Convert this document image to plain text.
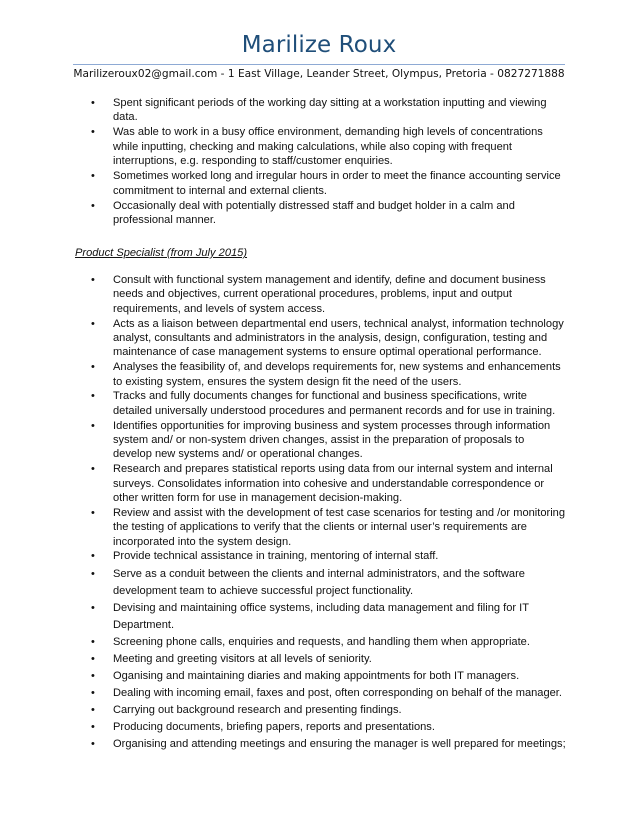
Marilize Roux
Marilizeroux02@gmail.com - 1 East Village, Leander Street, Olympus, Pretoria - 0827271888
• Spent significant periods of the working day sitting at a workstation inputting and viewing data.
• Was able to work in a busy office environment, demanding high levels of concentrations while inputting, checking and making calculations, while also coping with frequent interruptions, e.g. responding to staff/customer enquiries.
• Sometimes worked long and irregular hours in order to meet the finance accounting service commitment to internal and external clients.
• Occasionally deal with potentially distressed staff and budget holder in a calm and professional manner.
Product Specialist (from July 2015)
• Consult with functional system management and identify, define and document business needs and objectives, current operational procedures, problems, input and output requirements, and levels of system access.
• Acts as a liaison between departmental end users, technical analyst, information technology analyst, consultants and administrators in the analysis, design, configuration, testing and maintenance of case management systems to ensure optimal operational performance.
• Analyses the feasibility of, and develops requirements for, new systems and enhancements to existing system, ensures the system design fit the need of the users.
• Tracks and fully documents changes for functional and business specifications, write detailed universally understood procedures and permanent records and for use in training.
• Identifies opportunities for improving business and system processes through information system and/ or non-system driven changes, assist in the preparation of proposals to develop new systems and/ or operational changes.
• Research and prepares statistical reports using data from our internal system and internal surveys. Consolidates information into cohesive and understandable correspondence or other written form for use in management decision-making.
• Review and assist with the development of test case scenarios for testing and /or monitoring the testing of applications to verify that the clients or internal user’s requirements are incorporated into the system design.
• Provide technical assistance in training, mentoring of internal staff.
• Serve as a conduit between the clients and internal administrators, and the software development team to achieve successful project functionality.
• Devising and maintaining office systems, including data management and filing for IT Department.
• Screening phone calls, enquiries and requests, and handling them when appropriate.
• Meeting and greeting visitors at all levels of seniority.
• Oganising and maintaining diaries and making appointments for both IT managers.
• Dealing with incoming email, faxes and post, often corresponding on behalf of the manager.
• Carrying out background research and presenting findings.
• Producing documents, briefing papers, reports and presentations.
• Organising and attending meetings and ensuring the manager is well prepared for meetings;
